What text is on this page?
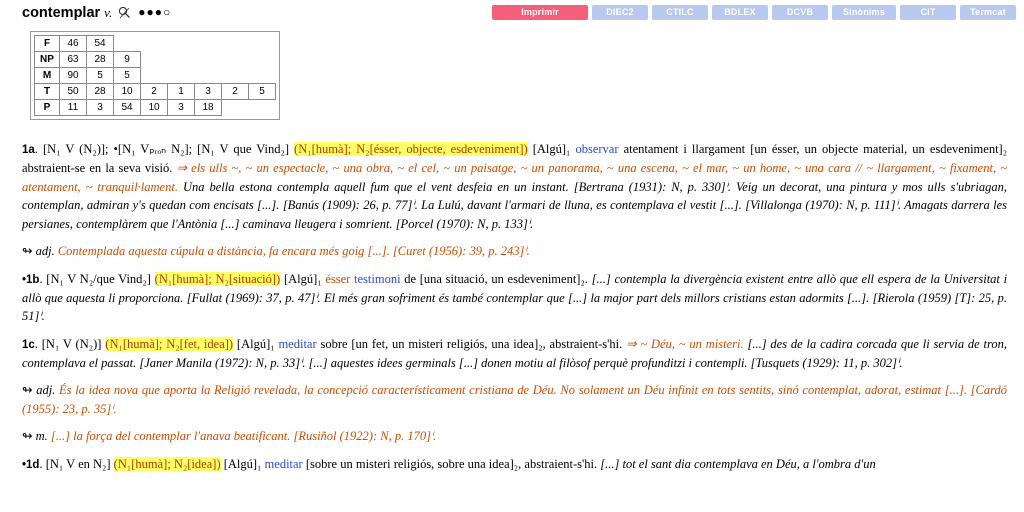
contemplar v. ●●●○	Imprimir	DIEC2	CTILC	BDLEX	DCVB	Sinònims	CiT	Termcat
F	46	54						
NP	63	28	9					
M	90	5	5					
T	50	28	10	2	1	3	2	5
P	11	3	54	10	3	18		
1a. [N₁ V (N₂)]; •[N₁ Vₚᵣₒₙ N₂]; [N₁ V que Vind₂] (N₁[humà]; N₂[ésser, objecte, esdeveniment]) [Algú]₁ observar atentament i llargament [un ésser, un objecte material, un esdeveniment]₂ abstraient-se en la seva visió. ⇒ els ulls ~, ~ un espectacle, ~ una obra, ~ el cel, ~ un paisatge, ~ un panorama, ~ una escena, ~ el mar, ~ un home, ~ una cara // ~ llargament, ~ fixament, ~ atentament, ~ tranquil·lament. Una bella estona contempla aquell fum que el vent desfeia en un instant. [Bertrana (1931): N, p. 330]ⁱ. Veig un decorat, una pintura y mos ulls s'ubriagan, contemplan, admiran y's quedan com encisats [...]. [Banús (1909): 26, p. 77]ⁱ. La Lulú, davant l'armari de lluna, es contemplava el vestit [...]. [Villalonga (1970): N, p. 111]ⁱ. Amagats darrera les persianes, contemplàrem que l'Antònia [...] caminava lleugera i somrient. [Porcel (1970): N, p. 133]ⁱ.
↬ adj. Contemplada aquesta cúpula a distància, fa encara més goig [...]. [Curet (1956): 39, p. 243]ⁱ.
•1b. [N₁ V N₂/que Vind₂] (N₁[humà]; N₂[situació]) [Algú]₁ ésser testimoni de [una situació, un esdeveniment]₂. [...] contempla la divergència existent entre allò que ell espera de la Universitat i allò que aquesta li proporciona. [Fullat (1969): 37, p. 47]ⁱ. El més gran sofriment és també contemplar que [...] la major part dels millors cristians estan adormits [...]. [Rierola (1959) [T]: 25, p. 51]ⁱ.
1c. [N₁ V (N₂)] (N₁[humà]; N₂[fet, idea]) [Algú]₁ meditar sobre [un fet, un misteri religiós, una idea]₂, abstraient-s'hi. ⇒ ~ Déu, ~ un misteri. [...] des de la cadira corcada que li servia de tron, contemplava el passat. [Janer Manila (1972): N, p. 33]ⁱ. [...] aquestes idees germinals [...] donen motiu al filòsof perquè profunditzi i contempli. [Tusquets (1929): 11, p. 302]ⁱ.
↬ adj. És la idea nova que aporta la Religió revelada, la concepció característicament cristiana de Déu. No solament un Déu infinit en tots sentits, sinó contemplat, adorat, estimat [...]. [Cardó (1955): 23, p. 35]ⁱ.
↬ m. [...] la força del contemplar l'anava beatificant. [Rusiñol (1922): N, p. 170]ⁱ.
•1d. [N₁ V en N₂] (N₁[humà]; N₂[idea]) [Algú]₁ meditar [sobre un misteri religiós, sobre una idea]₂, abstraient-s'hi. [...] tot el sant dia contemplava en Déu, a l'ombra d'un
